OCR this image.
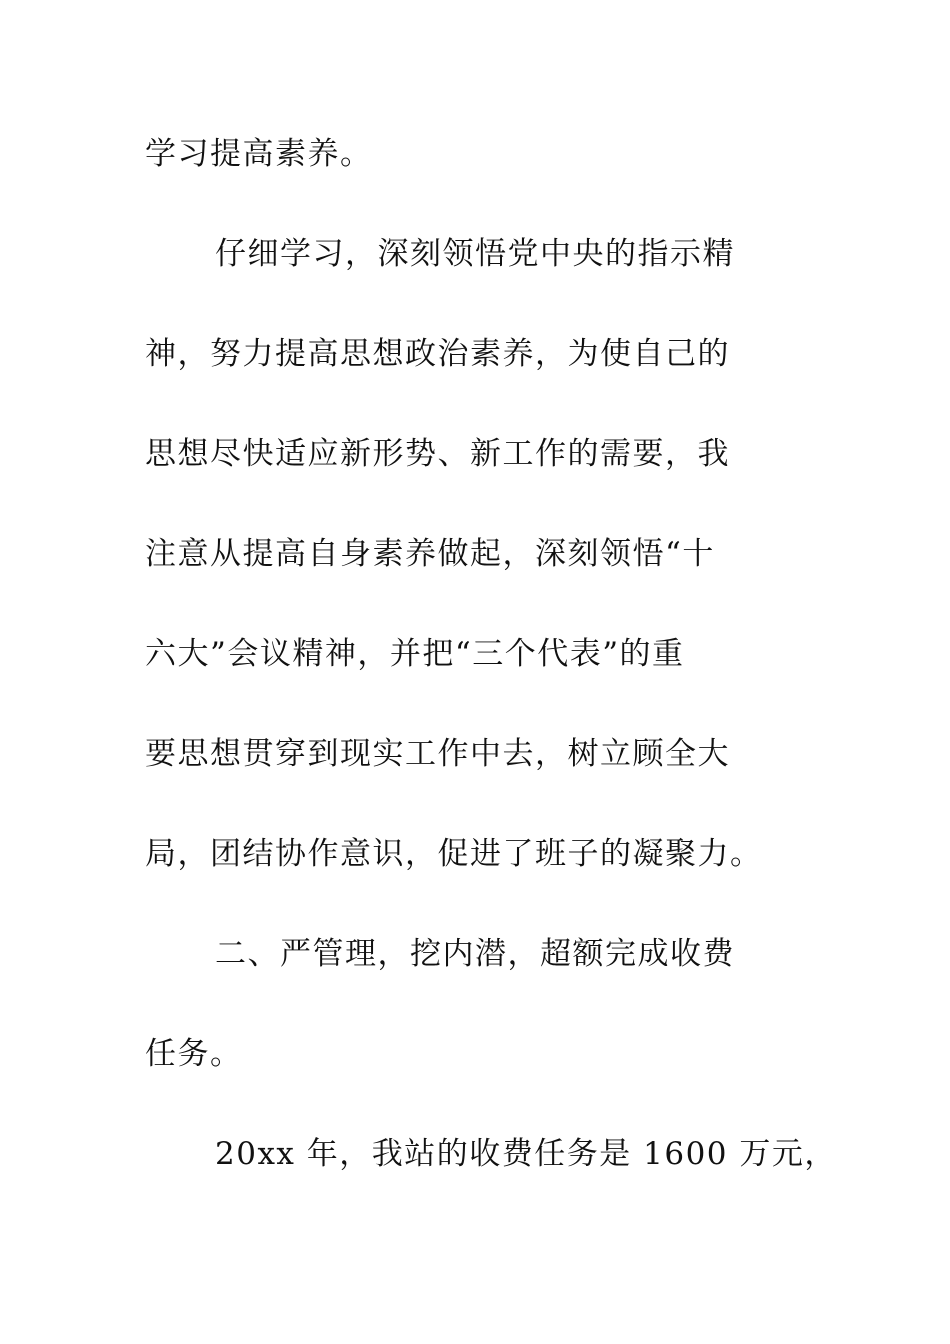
学习提高素养。
仔细学习，深刻领悟党中央的指示精
神，努力提高思想政治素养，为使自己的
思想尽快适应新形势、新工作的需要，我
注意从提高自身素养做起，深刻领悟“十
六大”会议精神，并把“三个代表”的重
要思想贯穿到现实工作中去，树立顾全大
局，团结协作意识，促进了班子的凝聚力。
二、严管理，挖内潜，超额完成收费
任务。
20xx 年，我站的收费任务是 1600 万元，
